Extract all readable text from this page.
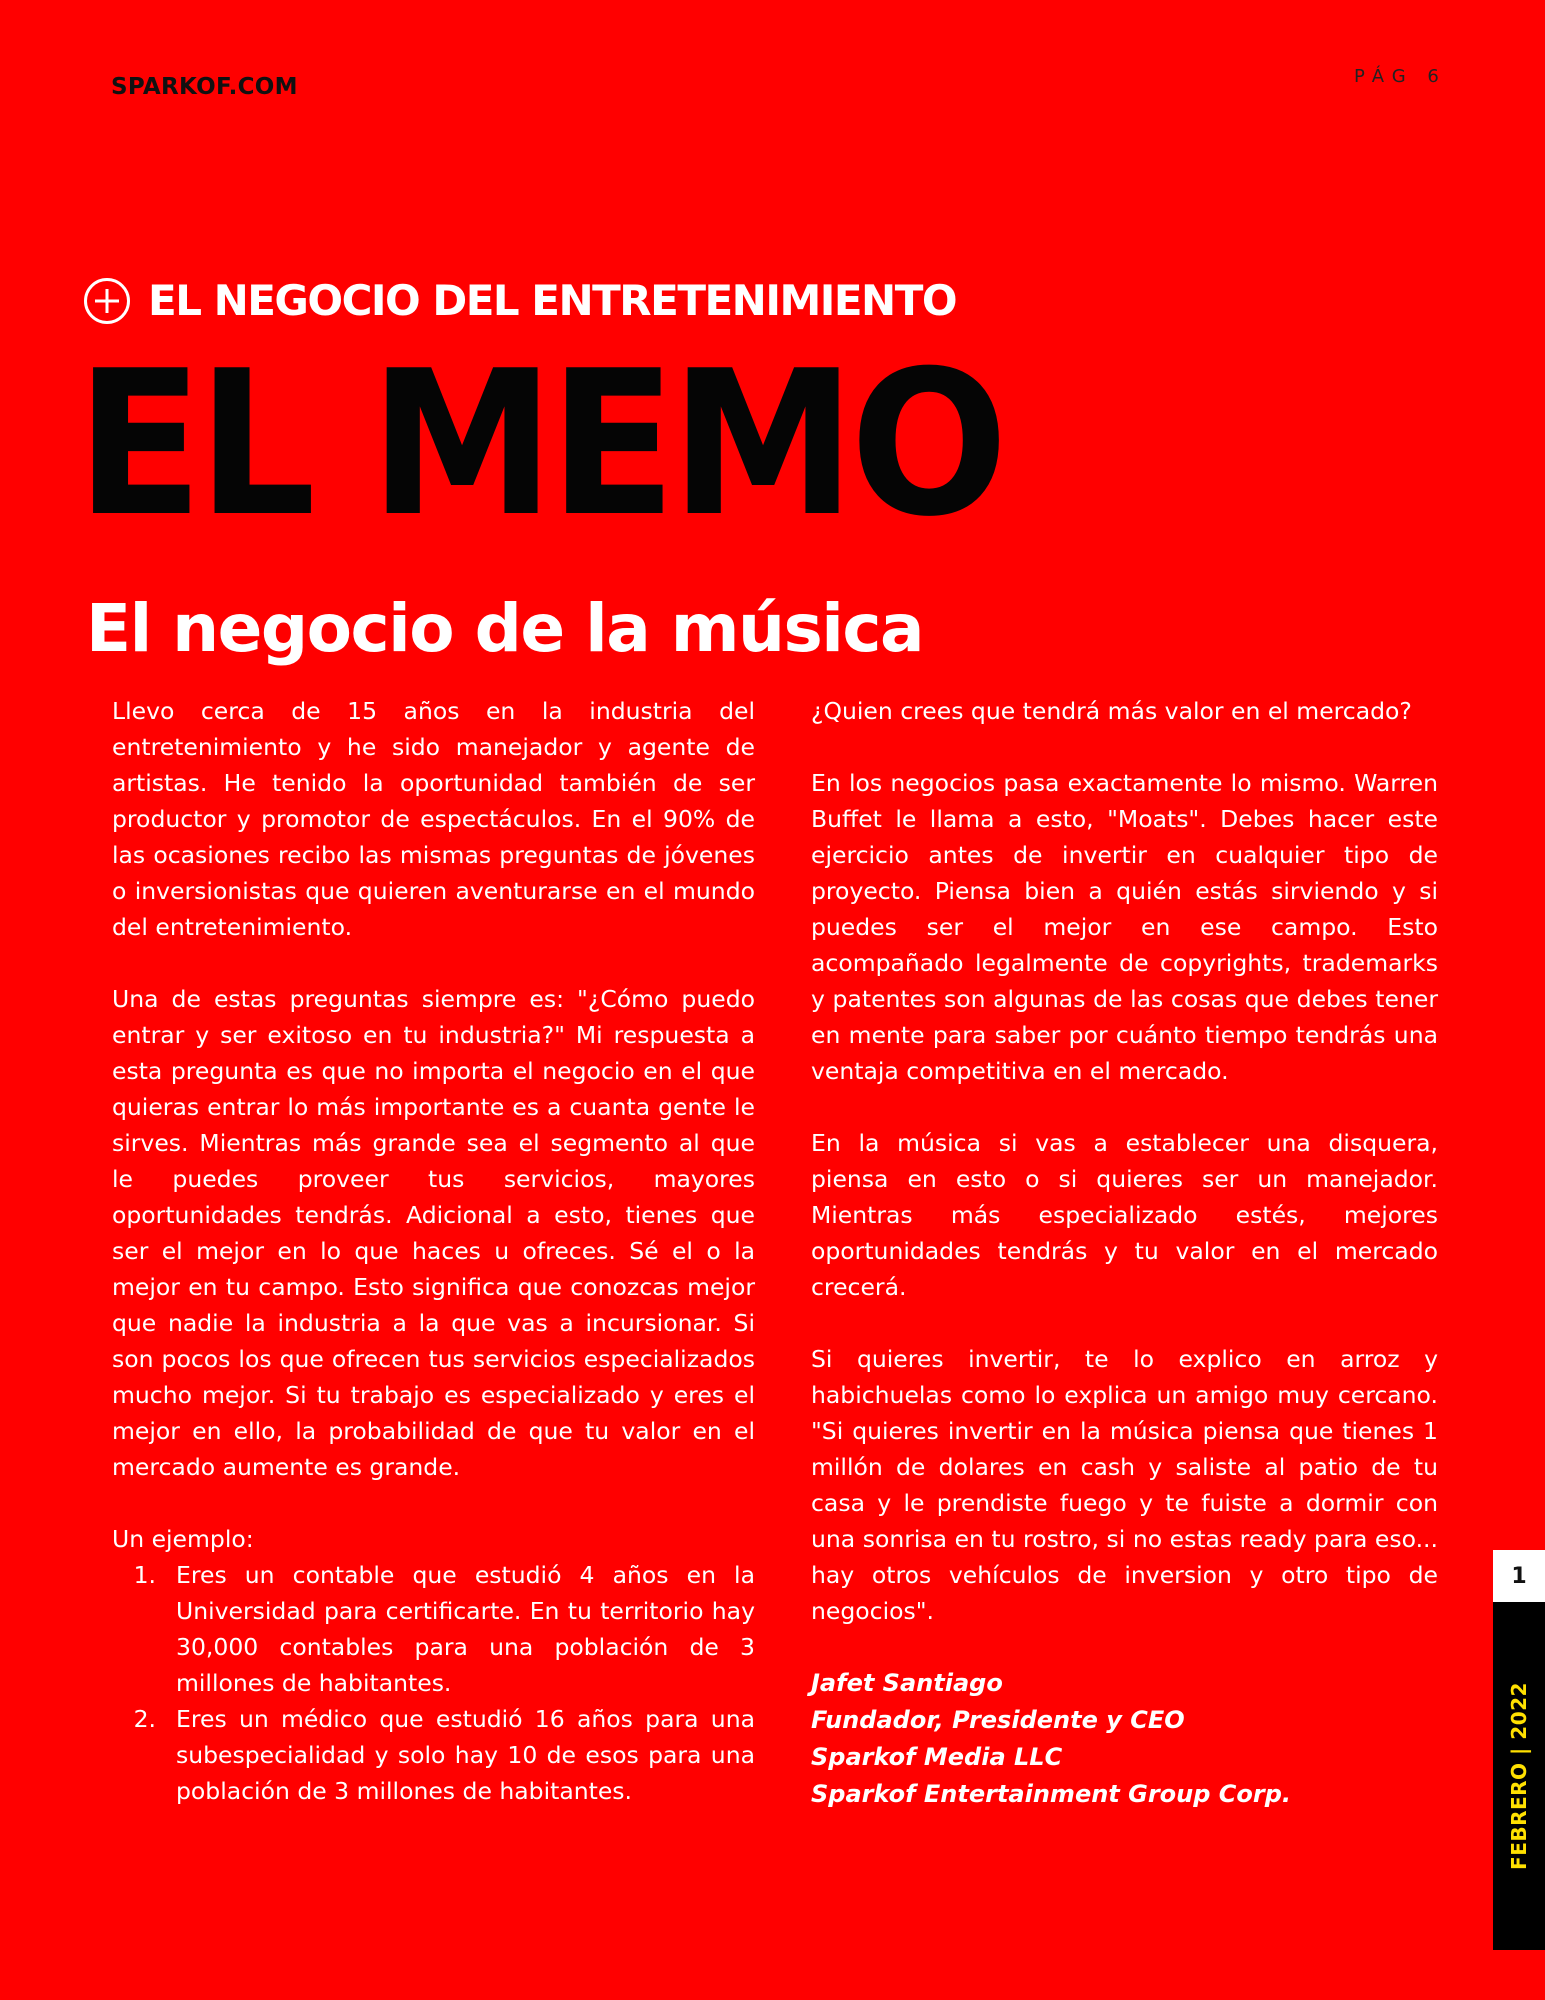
SPARKOF.COM	PÁG 6
EL NEGOCIO DEL ENTRETENIMIENTO
EL MEMO
El negocio de la música

Llevo cerca de 15 años en la industria del entretenimiento y he sido manejador y agente de artistas. He tenido la oportunidad también de ser productor y promotor de espectáculos. En el 90% de las ocasiones recibo las mismas preguntas de jóvenes o inversionistas que quieren aventurarse en el mundo del entretenimiento.

Una de estas preguntas siempre es: "¿Cómo puedo entrar y ser exitoso en tu industria?" Mi respuesta a esta pregunta es que no importa el negocio en el que quieras entrar lo más importante es a cuanta gente le sirves. Mientras más grande sea el segmento al que le puedes proveer tus servicios, mayores oportunidades tendrás. Adicional a esto, tienes que ser el mejor en lo que haces u ofreces. Sé el o la mejor en tu campo. Esto significa que conozcas mejor que nadie la industria a la que vas a incursionar. Si son pocos los que ofrecen tus servicios especializados mucho mejor. Si tu trabajo es especializado y eres el mejor en ello, la probabilidad de que tu valor en el mercado aumente es grande.

Un ejemplo:

1. Eres un contable que estudió 4 años en la Universidad para certificarte. En tu territorio hay 30,000 contables para una población de 3 millones de habitantes.
2. Eres un médico que estudió 16 años para una subespecialidad y solo hay 10 de esos para una población de 3 millones de habitantes.

¿Quien crees que tendrá más valor en el mercado?

En los negocios pasa exactamente lo mismo. Warren Buffet le llama a esto, "Moats". Debes hacer este ejercicio antes de invertir en cualquier tipo de proyecto. Piensa bien a quién estás sirviendo y si puedes ser el mejor en ese campo. Esto acompañado legalmente de copyrights, trademarks y patentes son algunas de las cosas que debes tener en mente para saber por cuánto tiempo tendrás una ventaja competitiva en el mercado.

En la música si vas a establecer una disquera, piensa en esto o si quieres ser un manejador. Mientras más especializado estés, mejores oportunidades tendrás y tu valor en el mercado crecerá.

Si quieres invertir, te lo explico en arroz y habichuelas como lo explica un amigo muy cercano. "Si quieres invertir en la música piensa que tienes 1 millón de dolares en cash y saliste al patio de tu casa y le prendiste fuego y te fuiste a dormir con una sonrisa en tu rostro, si no estas ready para eso... hay otros vehículos de inversion y otro tipo de negocios".

Jafet Santiago
Fundador, Presidente y CEO
Sparkof Media LLC
Sparkof Entertainment Group Corp.
1
FEBRERO | 2022
